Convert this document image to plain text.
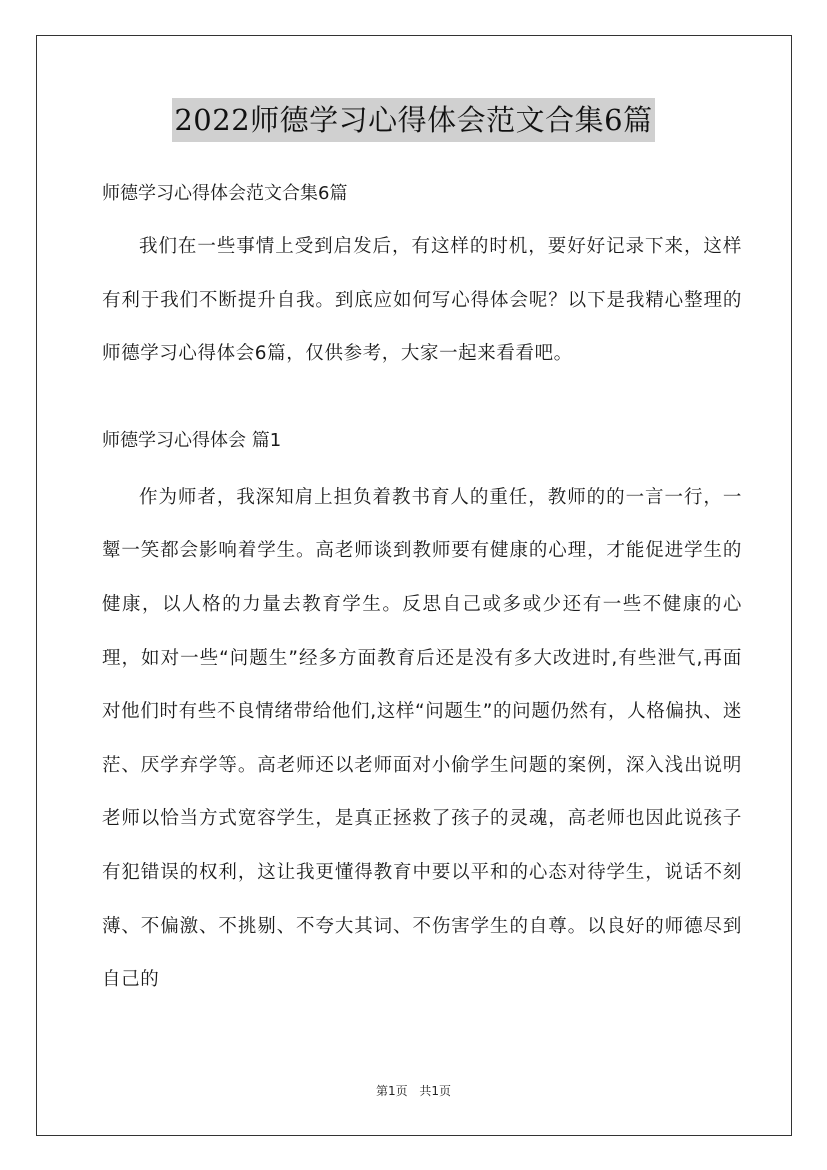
2022师德学习心得体会范文合集6篇

师德学习心得体会范文合集6篇

我们在一些事情上受到启发后，有这样的时机，要好好记录下来，这样有利于我们不断提升自我。到底应如何写心得体会呢？以下是我精心整理的师德学习心得体会6篇，仅供参考，大家一起来看看吧。

师德学习心得体会 篇1

作为师者，我深知肩上担负着教书育人的重任，教师的的一言一行，一颦一笑都会影响着学生。高老师谈到教师要有健康的心理，才能促进学生的健康，以人格的力量去教育学生。反思自己或多或少还有一些不健康的心理，如对一些“问题生”经多方面教育后还是没有多大改进时,有些泄气,再面对他们时有些不良情绪带给他们,这样“问题生”的问题仍然有，人格偏执、迷茫、厌学弃学等。高老师还以老师面对小偷学生问题的案例，深入浅出说明老师以恰当方式宽容学生，是真正拯救了孩子的灵魂，高老师也因此说孩子有犯错误的权利，这让我更懂得教育中要以平和的心态对待学生，说话不刻薄、不偏激、不挑剔、不夸大其词、不伤害学生的自尊。以良好的师德尽到自己的

第1页 共1页
